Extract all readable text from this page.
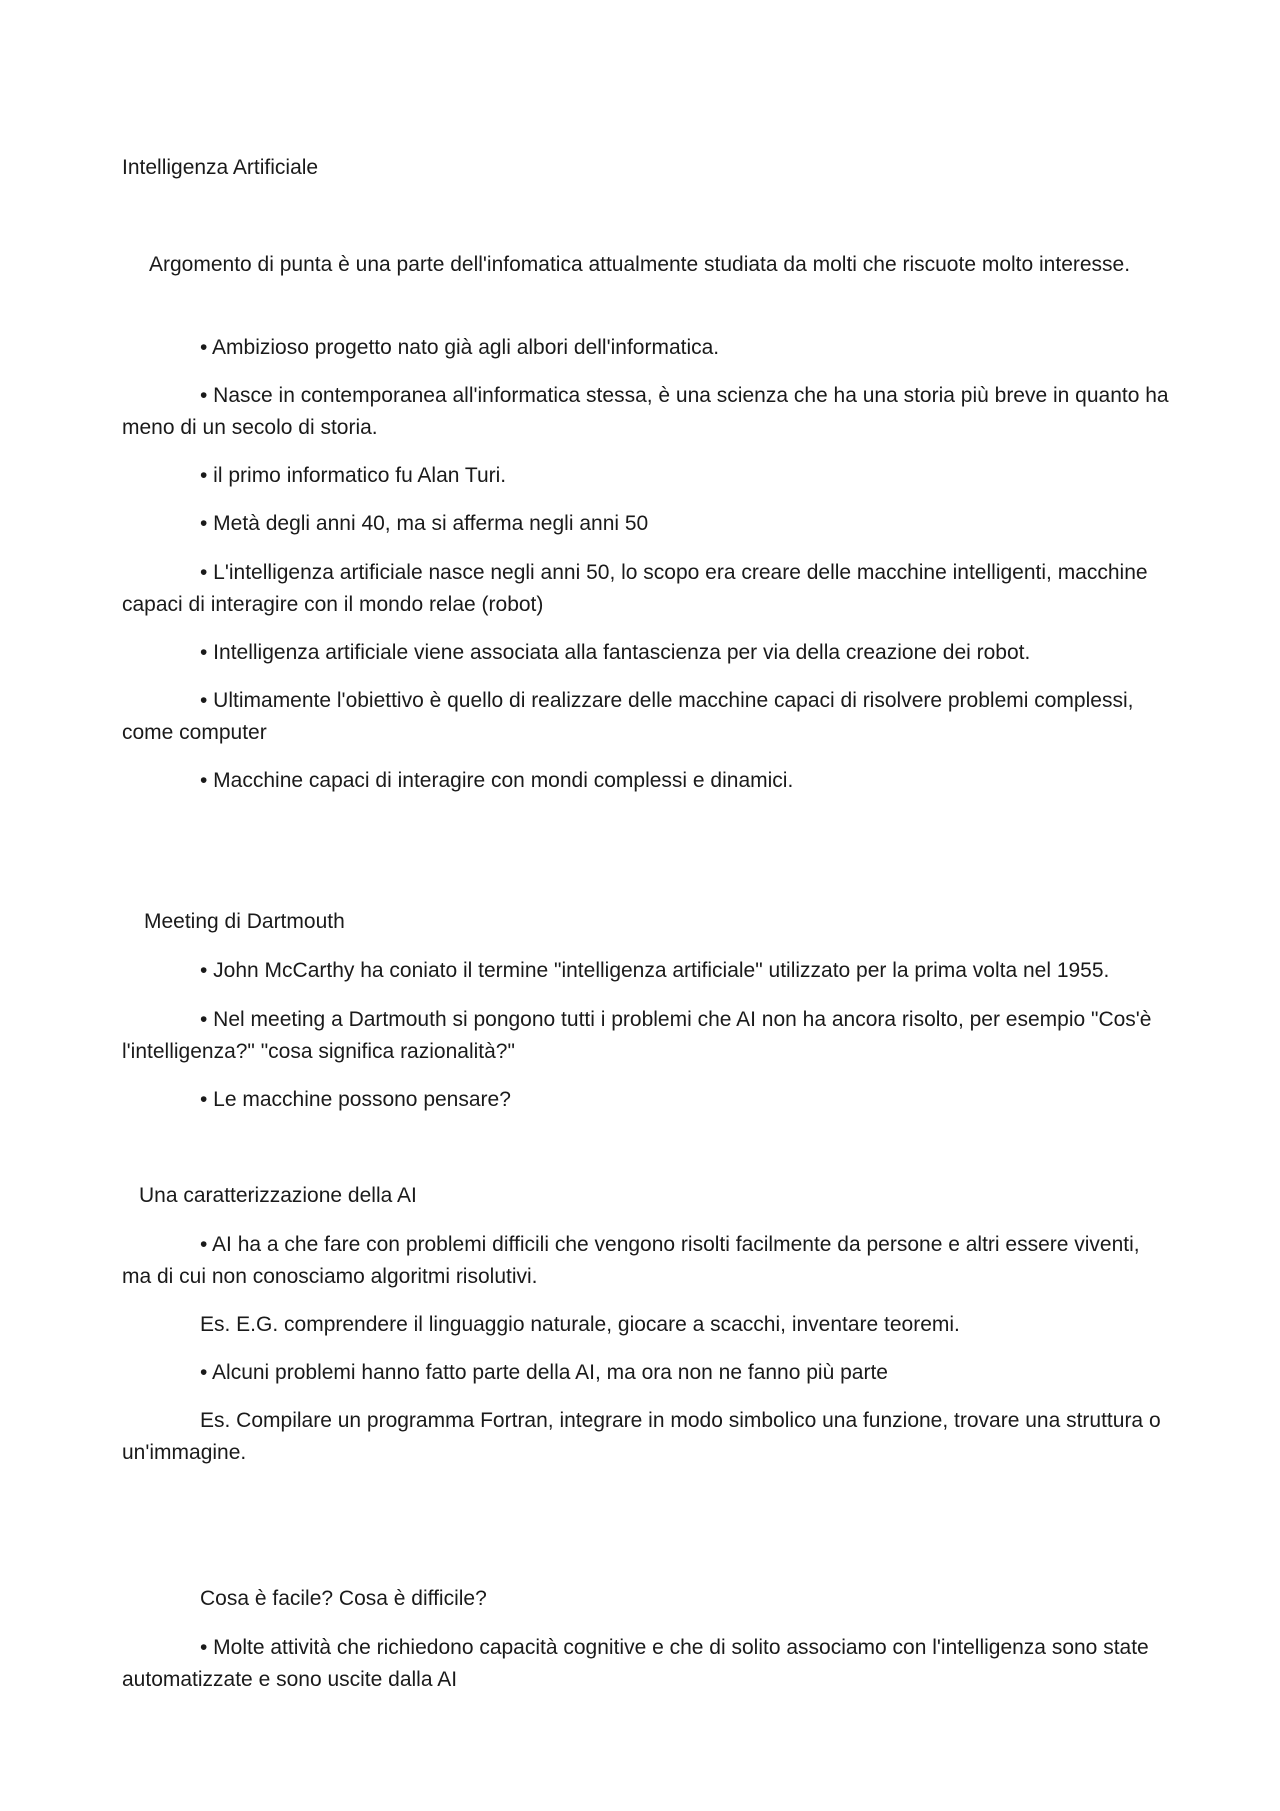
Intelligenza Artificiale
Argomento di punta è una parte dell'infomatica attualmente studiata da molti che riscuote molto interesse.
• Ambizioso progetto nato già agli albori dell'informatica.
• Nasce in contemporanea all'informatica stessa, è una scienza che ha una storia più breve in quanto ha meno di un secolo di storia.
• il primo informatico fu Alan Turi.
• Metà degli anni 40, ma si afferma negli anni 50
• L'intelligenza artificiale nasce negli anni 50, lo scopo era creare delle macchine intelligenti, macchine capaci di interagire con il mondo relae (robot)
• Intelligenza artificiale viene associata alla fantascienza per via della creazione dei robot.
• Ultimamente l'obiettivo è quello di realizzare delle macchine capaci di risolvere problemi complessi, come computer
• Macchine capaci di interagire con mondi complessi e dinamici.
Meeting di Dartmouth
• John McCarthy ha coniato il termine "intelligenza artificiale" utilizzato per la prima volta nel 1955.
• Nel meeting a Dartmouth si pongono tutti i problemi che AI non ha ancora risolto, per esempio "Cos'è l'intelligenza?" "cosa significa razionalità?"
• Le macchine possono pensare?
Una caratterizzazione della AI
• AI ha a che fare con problemi difficili che vengono risolti facilmente da persone e altri essere viventi, ma di cui non conosciamo algoritmi risolutivi.
Es. E.G. comprendere il linguaggio naturale, giocare a scacchi, inventare teoremi.
• Alcuni problemi hanno fatto parte della AI, ma ora non ne fanno più parte
Es. Compilare un programma Fortran, integrare in modo simbolico una funzione, trovare una struttura o un'immagine.
Cosa è facile? Cosa è difficile?
• Molte attività che richiedono capacità cognitive e che di solito associamo con l'intelligenza sono state automatizzate e sono uscite dalla AI
